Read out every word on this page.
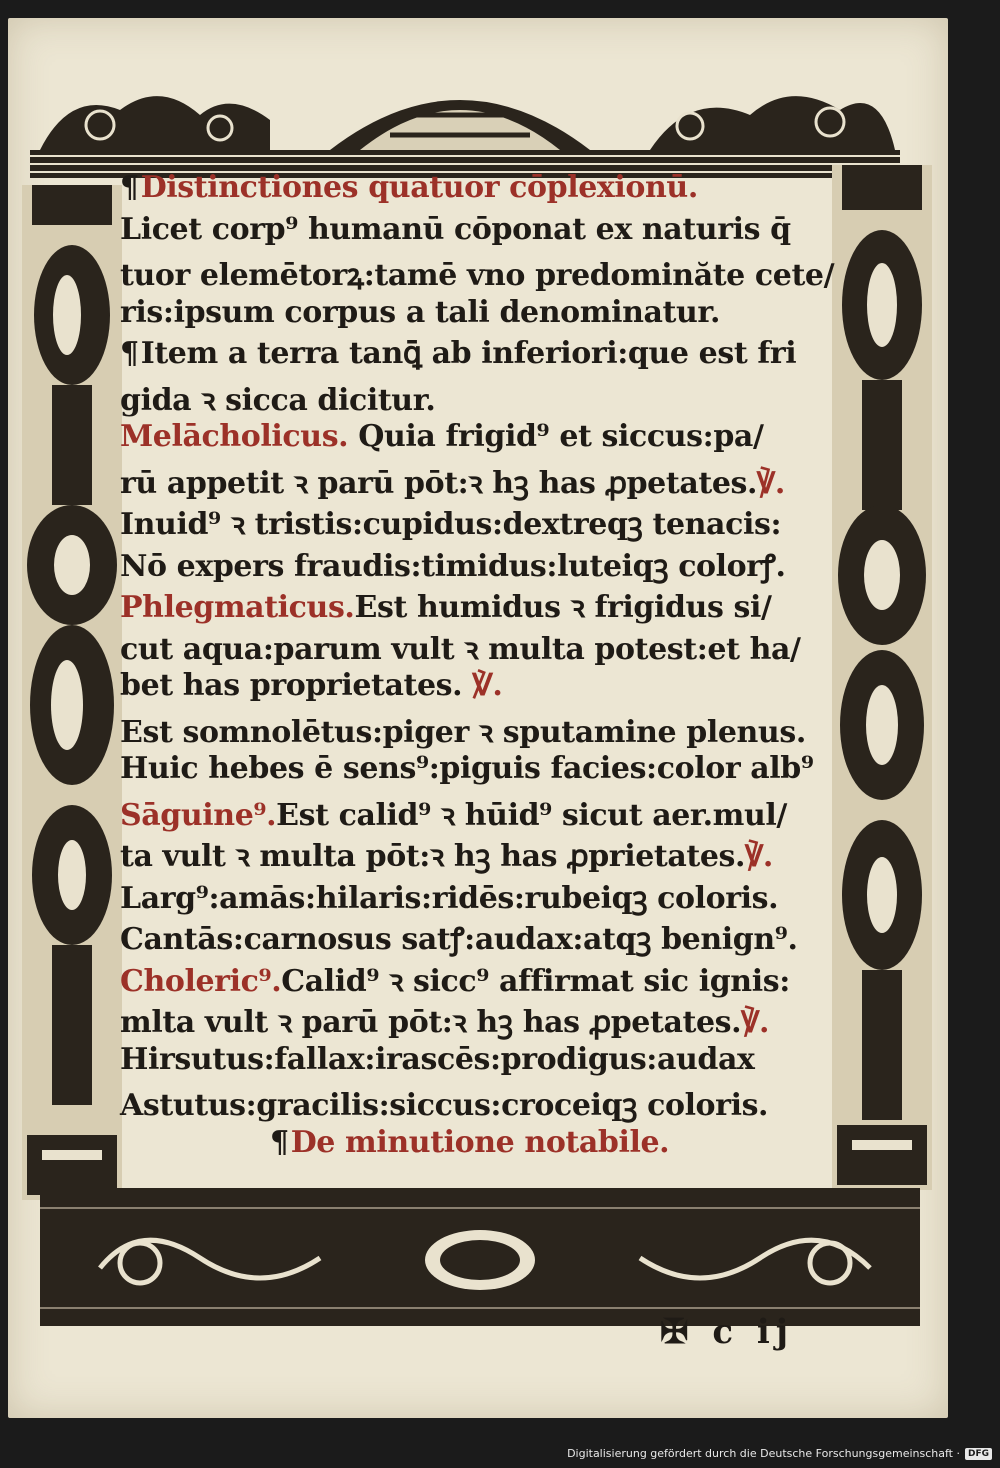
¶Distinctiones quatuor cōplexionū.
Licet corp⁹ humanū cōponat ex naturis q̄
tuor elemētorꝝ:tamē vno predominăte cete/
ris:ipsum corpus a tali denominatur.
¶Item a terra tanꝗ̄ ab inferiori:que est fri
gida ꝛ sicca dicitur.
Melācholicus. Quia frigid⁹ et siccus:pa/
rū appetit ꝛ parū pōt:ꝛ hꝫ has ꝓpetates.℣.
Inuid⁹ ꝛ tristis:cupidus:dextreqꝫ tenacis:
Nō expers fraudis:timidus:luteiqꝫ colorꝭ.
Phlegmaticus.Est humidus ꝛ frigidus si/
cut aqua:parum vult ꝛ multa potest:et ha/
bet has proprietates. ℣.
Est somnolētus:piger ꝛ sputamine plenus.
Huic hebes ē sens⁹:piguis facies:color alb⁹
Sāguine⁹.Est calid⁹ ꝛ hūid⁹ sicut aer.mul/
ta vult ꝛ multa pōt:ꝛ hꝫ has ꝓprietates.℣.
Larg⁹:amās:hilaris:ridēs:rubeiqꝫ coloris.
Cantās:carnosus satꝭ:audax:atqꝫ benign⁹.
Choleric⁹.Calid⁹ ꝛ sicc⁹ affirmat sic ignis:
mlta vult ꝛ parū pōt:ꝛ hꝫ has ꝓpetates.℣.
Hirsutus:fallax:irascēs:prodigus:audax
Astutus:gracilis:siccus:croceiqꝫ coloris.
¶De minutione notabile.
✠ c ij
Digitalisierung gefördert durch die Deutsche Forschungsgemeinschaft · DFG
